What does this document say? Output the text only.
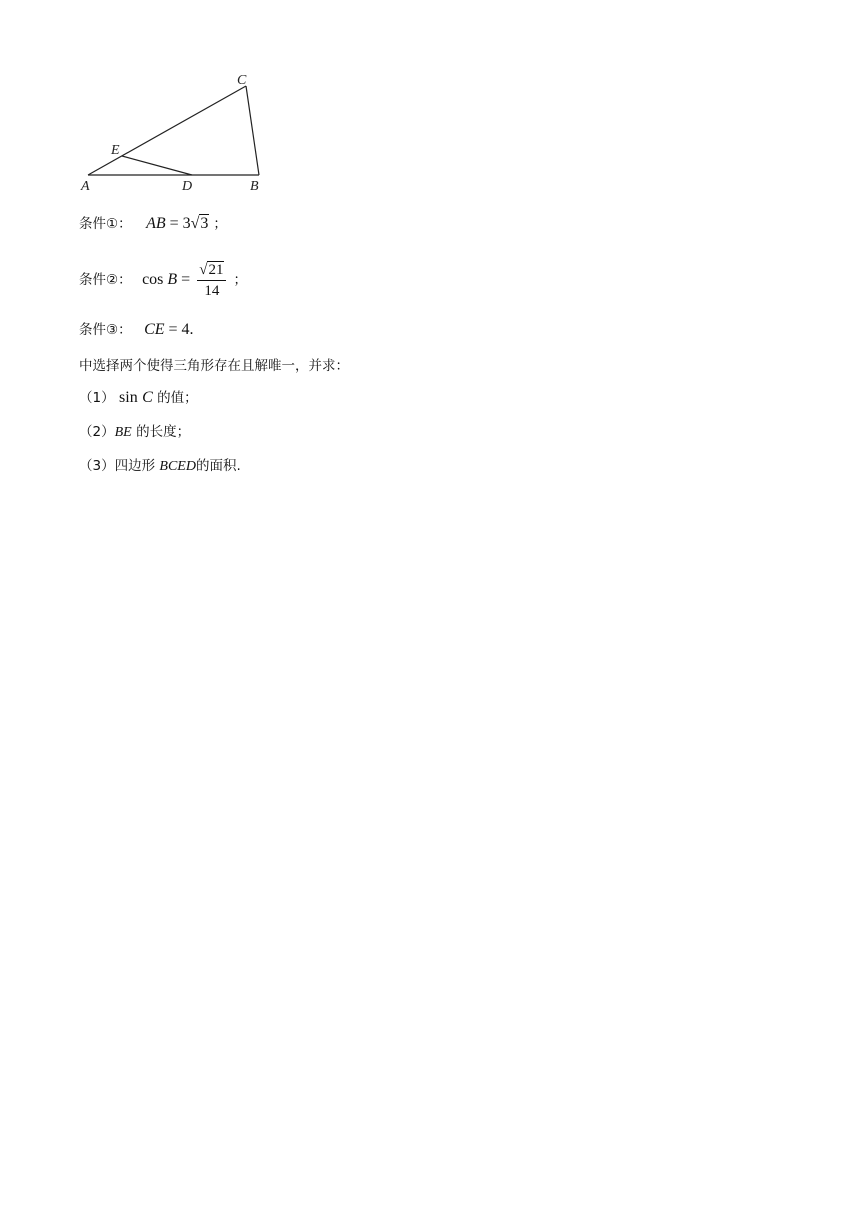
C
E
A	D	B
条件①： AB = 3√3 ；
条件②： $\cos B = \frac{√21}{14}$ ；
条件③： CE = 4.
中选择两个使得三角形存在且解唯一，并求：
（1） sin C 的值；
（2）BE 的长度；
（3）四边形 BCED的面积.
